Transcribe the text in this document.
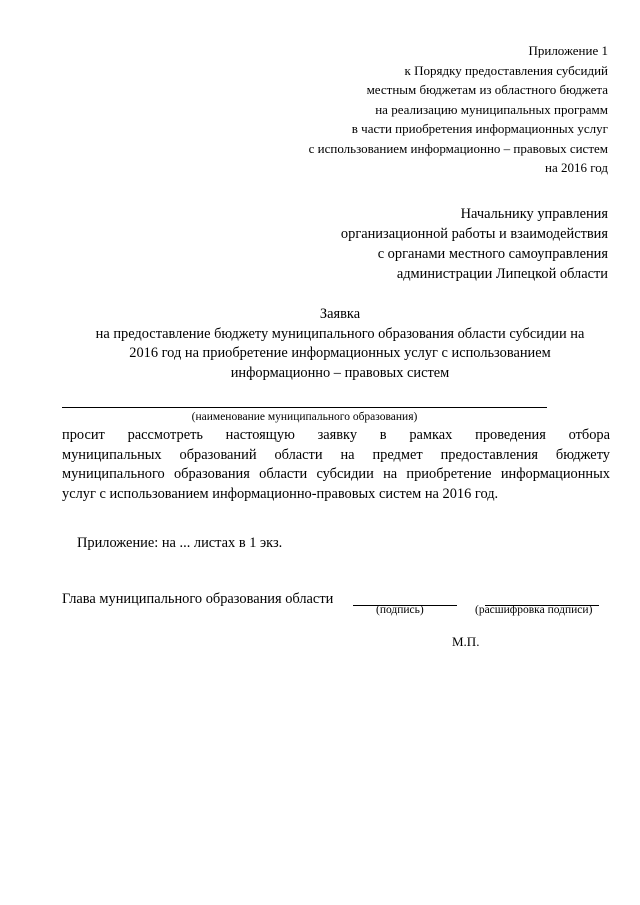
Приложение 1
к Порядку предоставления субсидий
местным бюджетам из областного бюджета
на реализацию муниципальных программ
в части приобретения информационных услуг
с использованием информационно – правовых систем
на 2016 год
Начальнику управления
организационной работы и взаимодействия
с органами местного самоуправления
администрации Липецкой области
Заявка
на предоставление бюджету муниципального образования области субсидии на
2016 год на приобретение информационных услуг с использованием
информационно – правовых систем
(наименование муниципального образования)
просит рассмотреть настоящую заявку в рамках проведения отбора
муниципальных образований области на предмет предоставления бюджету
муниципального образования области субсидии на приобретение информационных
услуг с использованием информационно-правовых систем на 2016 год.
Приложение: на ... листах в 1 экз.
Глава муниципального образования области
(подпись)	(расшифровка подписи)
М.П.
